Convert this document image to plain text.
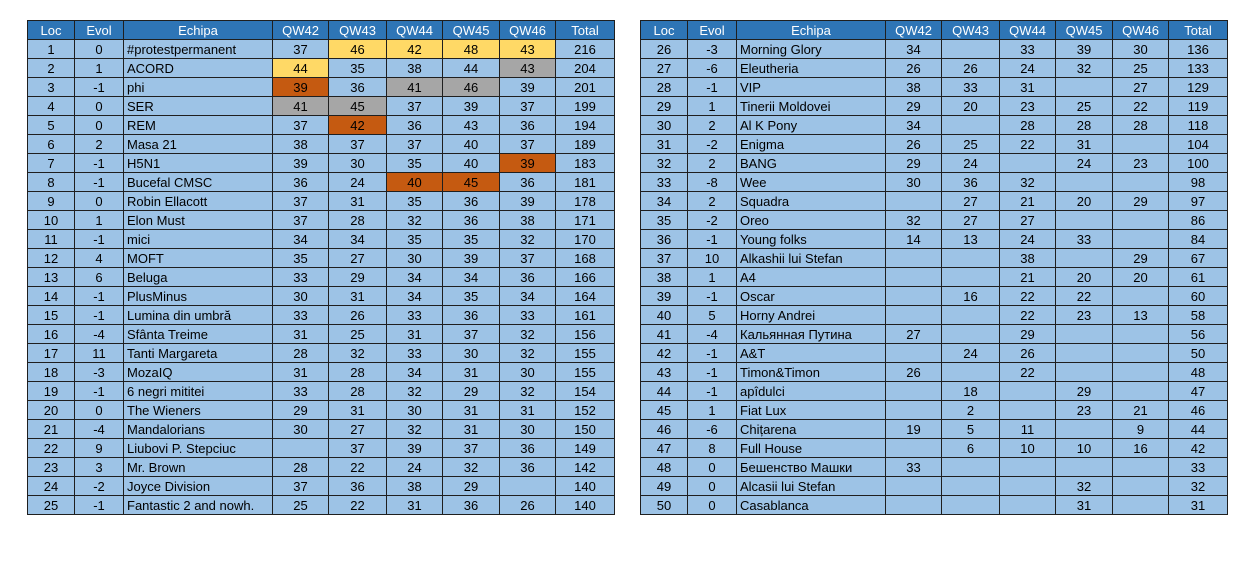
Loc	Evol	Echipa	QW42	QW43	QW44	QW45	QW46	Total
1	0	#protestpermanent	37	46	42	48	43	216
2	1	ACORD	44	35	38	44	43	204
3	-1	phi	39	36	41	46	39	201
4	0	SER	41	45	37	39	37	199
5	0	REM	37	42	36	43	36	194
6	2	Masa 21	38	37	37	40	37	189
7	-1	H5N1	39	30	35	40	39	183
8	-1	Bucefal CMSC	36	24	40	45	36	181
9	0	Robin Ellacott	37	31	35	36	39	178
10	1	Elon Must	37	28	32	36	38	171
11	-1	mici	34	34	35	35	32	170
12	4	MOFT	35	27	30	39	37	168
13	6	Beluga	33	29	34	34	36	166
14	-1	PlusMinus	30	31	34	35	34	164
15	-1	Lumina din umbră	33	26	33	36	33	161
16	-4	Sfânta Treime	31	25	31	37	32	156
17	11	Tanti Margareta	28	32	33	30	32	155
18	-3	MozaIQ	31	28	34	31	30	155
19	-1	6 negri mititei	33	28	32	29	32	154
20	0	The Wieners	29	31	30	31	31	152
21	-4	Mandalorians	30	27	32	31	30	150
22	9	Liubovi P. Stepciuc		37	39	37	36	149
23	3	Mr. Brown	28	22	24	32	36	142
24	-2	Joyce Division	37	36	38	29		140
25	-1	Fantastic 2 and nowh.	25	22	31	36	26	140
Loc	Evol	Echipa	QW42	QW43	QW44	QW45	QW46	Total
26	-3	Morning Glory	34		33	39	30	136
27	-6	Eleutheria	26	26	24	32	25	133
28	-1	VIP	38	33	31		27	129
29	1	Tinerii Moldovei	29	20	23	25	22	119
30	2	Al K Pony	34		28	28	28	118
31	-2	Enigma	26	25	22	31		104
32	2	BANG	29	24		24	23	100
33	-8	Wee	30	36	32			98
34	2	Squadra		27	21	20	29	97
35	-2	Oreo	32	27	27			86
36	-1	Young folks	14	13	24	33		84
37	10	Alkashii lui Stefan			38		29	67
38	1	A4			21	20	20	61
39	-1	Oscar		16	22	22		60
40	5	Horny Andrei			22	23	13	58
41	-4	Кальянная Путина	27		29			56
42	-1	A&T		24	26			50
43	-1	Timon&Timon	26		22			48
44	-1	apîdulci		18		29		47
45	1	Fiat Lux		2		23	21	46
46	-6	Chițarena	19	5	11		9	44
47	8	Full House		6	10	10	16	42
48	0	Бешенство Машки	33					33
49	0	Alcasii lui Stefan				32		32
50	0	Casablanca				31		31
